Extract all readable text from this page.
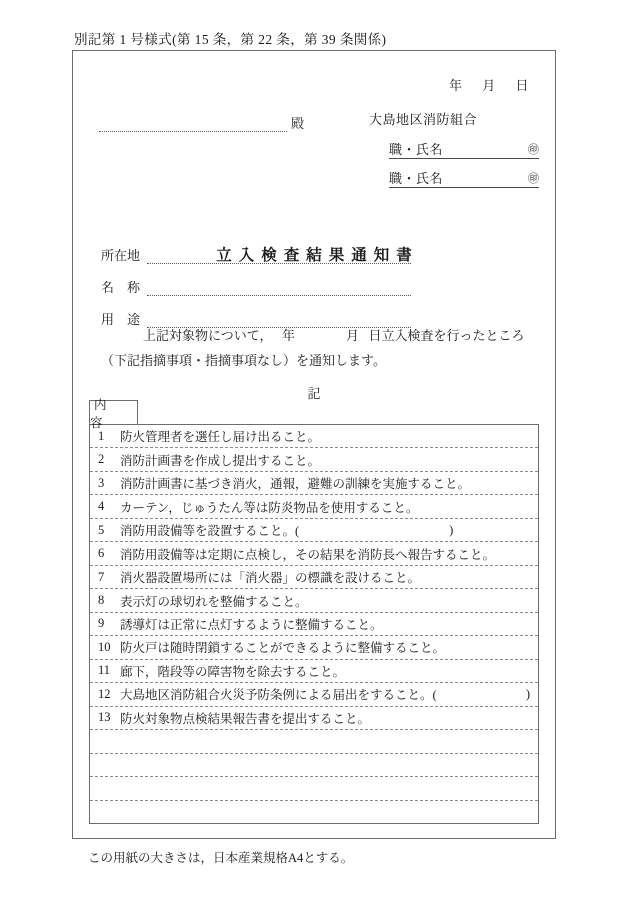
別記第 1 号様式(第 15 条，第 22 条，第 39 条関係)
年 月 日
殿	大島地区消防組合
職・氏名	㊞
職・氏名	㊞
立入検査結果通知書
所在地
名　称
用　途
上記対象物について， 年	月 日立入検査を行ったところ
（下記指摘事項・指摘事項なし）を通知します。
記
内　容
1	防火管理者を選任し届け出ること。
2	消防計画書を作成し提出すること。
3	消防計画書に基づき消火，通報，避難の訓練を実施すること。
4	カーテン，じゅうたん等は防炎物品を使用すること。
5	消防用設備等を設置すること。(	)
6	消防用設備等は定期に点検し，その結果を消防長へ報告すること。
7	消火器設置場所には「消火器」の標識を設けること。
8	表示灯の球切れを整備すること。
9	誘導灯は正常に点灯するように整備すること。
10 防火戸は随時閉鎖することができるように整備すること。
11 廊下，階段等の障害物を除去すること。
12 大島地区消防組合火災予防条例による届出をすること。(	)
13 防火対象物点検結果報告書を提出すること。
この用紙の大きさは，日本産業規格A4とする。
